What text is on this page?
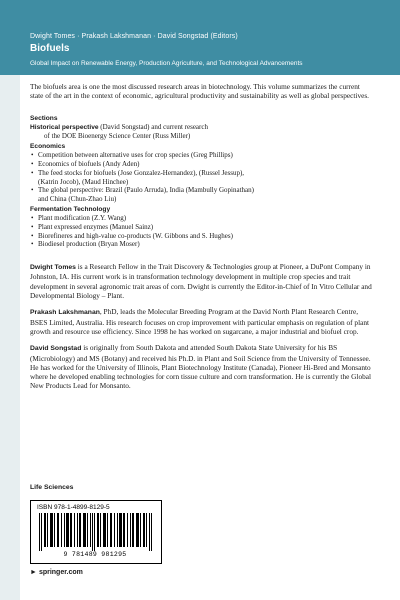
Dwight Tomes · Prakash Lakshmanan · David Songstad (Editors)
Biofuels
Global Impact on Renewable Energy, Production Agriculture, and Technological Advancements

The biofuels area is one the most discussed research areas in biotechnology. This volume summarizes the current state of the art in the context of economic, agricultural productivity and sustainability as well as global perspectives.

Sections
Historical perspective (David Songstad) and current research
of the DOE Bioenergy Science Center (Russ Miller)
Economics
• Competition between alternative uses for crop species (Greg Phillips)
• Economics of biofuels (Andy Aden)
• The feed stocks for biofuels (Jose Gonzalez-Hernandez), (Russel Jessup),
(Katrin Jocob), (Maud Hinchee)
• The global perspective: Brazil (Paulo Arruda), India (Mambully Gopinathan)
and China (Chun-Zhao Liu)
Fermentation Technology
• Plant modification (Z.Y. Wang)
• Plant expressed enzymes (Manuel Sainz)
• Biorefineres and high-value co-products (W. Gibbons and S. Hughes)
• Biodiesel production (Bryan Moser)

Dwight Tomes is a Research Fellow in the Trait Discovery & Technologies group at Pioneer, a DuPont Company in Johnston, IA. His current work is in transformation technology development in multiple crop species and trait development in several agronomic trait areas of corn. Dwight is currently the Editor-in-Chief of In Vitro Cellular and Developmental Biology – Plant.

Prakash Lakshmanan, PhD, leads the Molecular Breeding Program at the David North Plant Research Centre, BSES Limited, Australia. His research focuses on crop improvement with particular emphasis on regulation of plant growth and resource use efficiency. Since 1998 he has worked on sugarcane, a major industrial and biofuel crop.

David Songstad is originally from South Dakota and attended South Dakota State University for his BS (Microbiology) and MS (Botany) and received his Ph.D. in Plant and Soil Science from the University of Tennessee. He has worked for the University of Illinois, Plant Biotechnology Institute (Canada), Pioneer Hi-Bred and Monsanto where he developed enabling technologies for corn tissue culture and corn transformation. He is currently the Global New Products Lead for Monsanto.

Life Sciences
ISBN 978-1-4899-8129-5
9 781489 981295
► springer.com
